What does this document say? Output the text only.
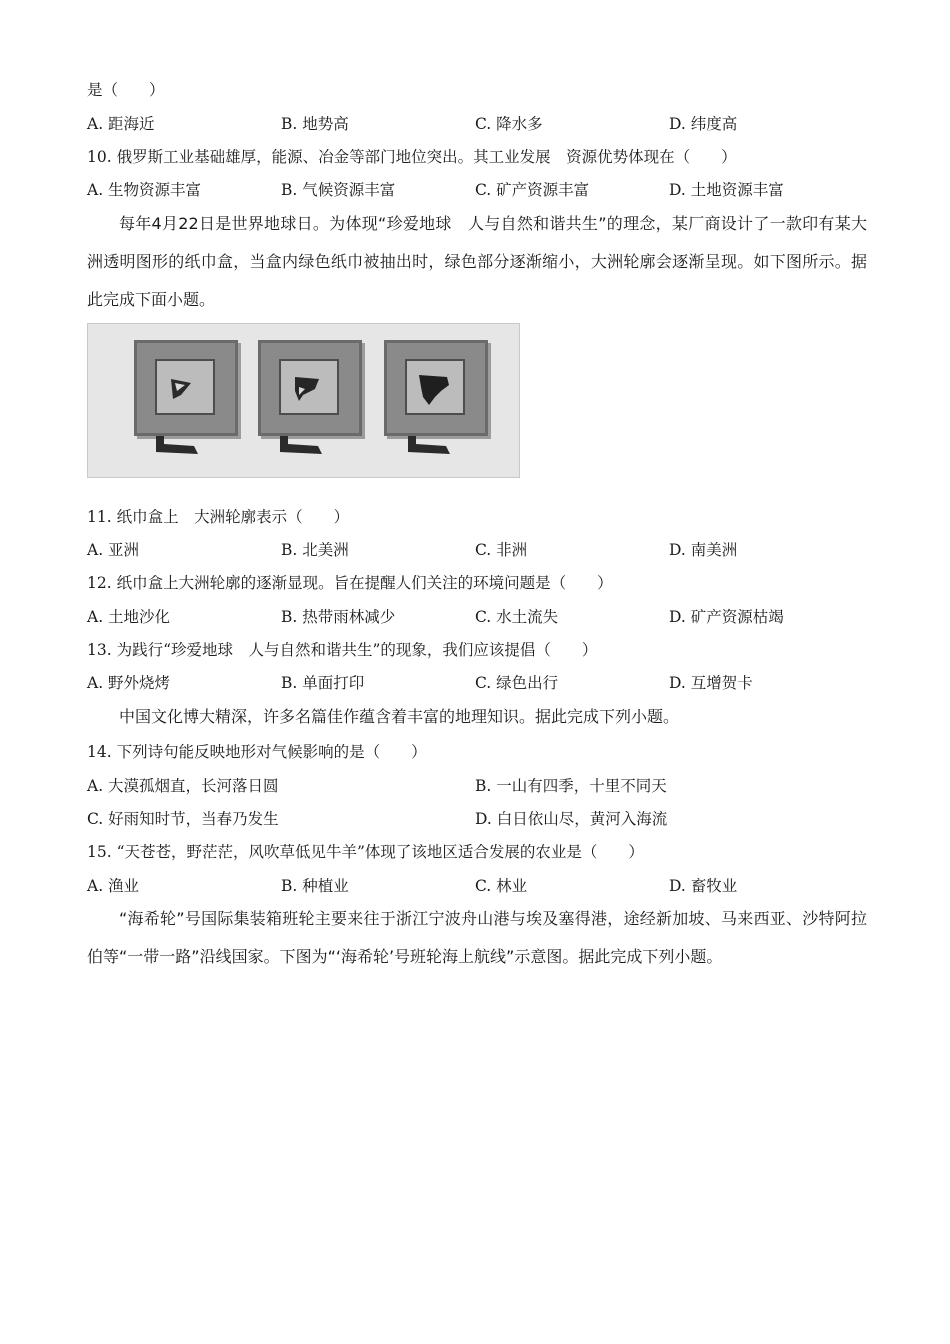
是（　　）
A. 距海近	B. 地势高	C. 降水多	D. 纬度高
10. 俄罗斯工业基础雄厚，能源、冶金等部门地位突出。其工业发展　资源优势体现在（　　）
A. 生物资源丰富	B. 气候资源丰富	C. 矿产资源丰富	D. 土地资源丰富
每年4月22日是世界地球日。为体现“珍爱地球　人与自然和谐共生”的理念，某厂商设计了一款印有某大洲透明图形的纸巾盒，当盒内绿色纸巾被抽出时，绿色部分逐渐缩小，大洲轮廓会逐渐呈现。如下图所示。据此完成下面小题。
11. 纸巾盒上　大洲轮廓表示（　　）
A. 亚洲	B. 北美洲	C. 非洲	D. 南美洲
12. 纸巾盒上大洲轮廓的逐渐显现。旨在提醒人们关注的环境问题是（　　）
A. 土地沙化	B. 热带雨林减少	C. 水土流失	D. 矿产资源枯竭
13. 为践行“珍爱地球　人与自然和谐共生”的现象，我们应该提倡（　　）
A. 野外烧烤	B. 单面打印	C. 绿色出行	D. 互增贺卡
中国文化博大精深，许多名篇佳作蕴含着丰富的地理知识。据此完成下列小题。
14. 下列诗句能反映地形对气候影响的是（　　）
A. 大漠孤烟直，长河落日圆	B. 一山有四季，十里不同天
C. 好雨知时节，当春乃发生	D. 白日依山尽，黄河入海流
15. “天苍苍，野茫茫，风吹草低见牛羊”体现了该地区适合发展的农业是（　　）
A. 渔业	B. 种植业	C. 林业	D. 畜牧业
“海希轮”号国际集装箱班轮主要来往于浙江宁波舟山港与埃及塞得港，途经新加坡、马来西亚、沙特阿拉伯等“一带一路”沿线国家。下图为“‘海希轮’号班轮海上航线”示意图。据此完成下列小题。
